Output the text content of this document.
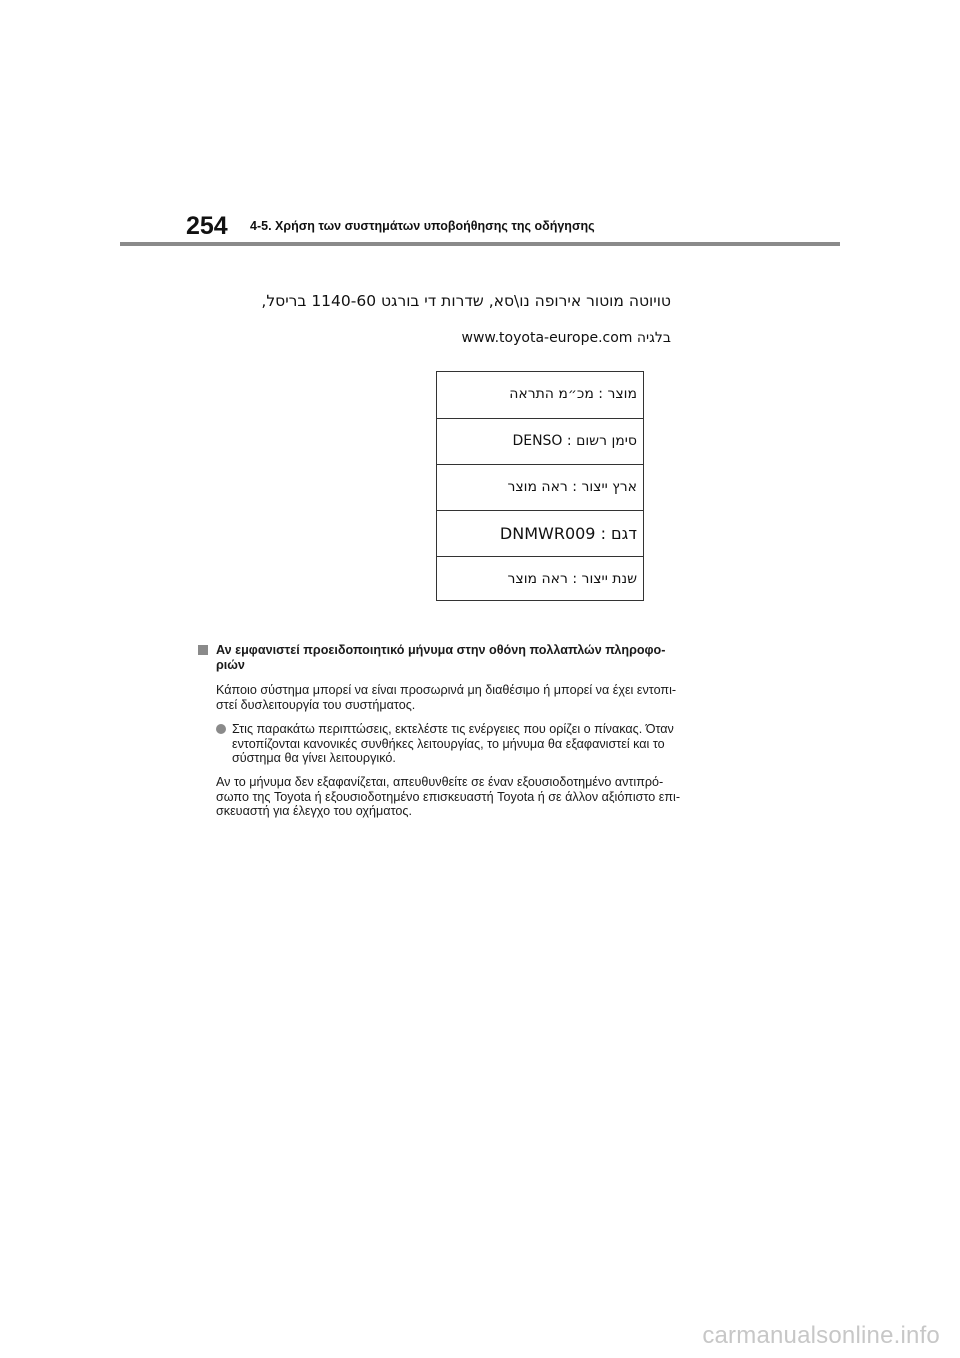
254 4-5. Χρήση των συστημάτων υποβοήθησης της οδήγησης
טויוטה מוטור אירופה נו\סא, שדרות די בורגט 1140-60 בריסל,
בלגיה www.toyota-europe.com
מוצר : מכ״מ התראה
סימן רשום : DENSO
ארץ ייצור : ראה מוצר
דגם : DNMWR009
שנת ייצור : ראה מוצר
Αν εμφανιστεί προειδοποιητικό μήνυμα στην οθόνη πολλαπλών πληροφο-
ριών
Κάποιο σύστημα μπορεί να είναι προσωρινά μη διαθέσιμο ή μπορεί να έχει εντοπι-
στεί δυσλειτουργία του συστήματος.
Στις παρακάτω περιπτώσεις, εκτελέστε τις ενέργειες που ορίζει ο πίνακας. Όταν
εντοπίζονται κανονικές συνθήκες λειτουργίας, το μήνυμα θα εξαφανιστεί και το
σύστημα θα γίνει λειτουργικό.
Αν το μήνυμα δεν εξαφανίζεται, απευθυνθείτε σε έναν εξουσιοδοτημένο αντιπρό-
σωπο της Toyota ή εξουσιοδοτημένο επισκευαστή Toyota ή σε άλλον αξιόπιστο επι-
σκευαστή για έλεγχο του οχήματος.
carmanualsonline.info
